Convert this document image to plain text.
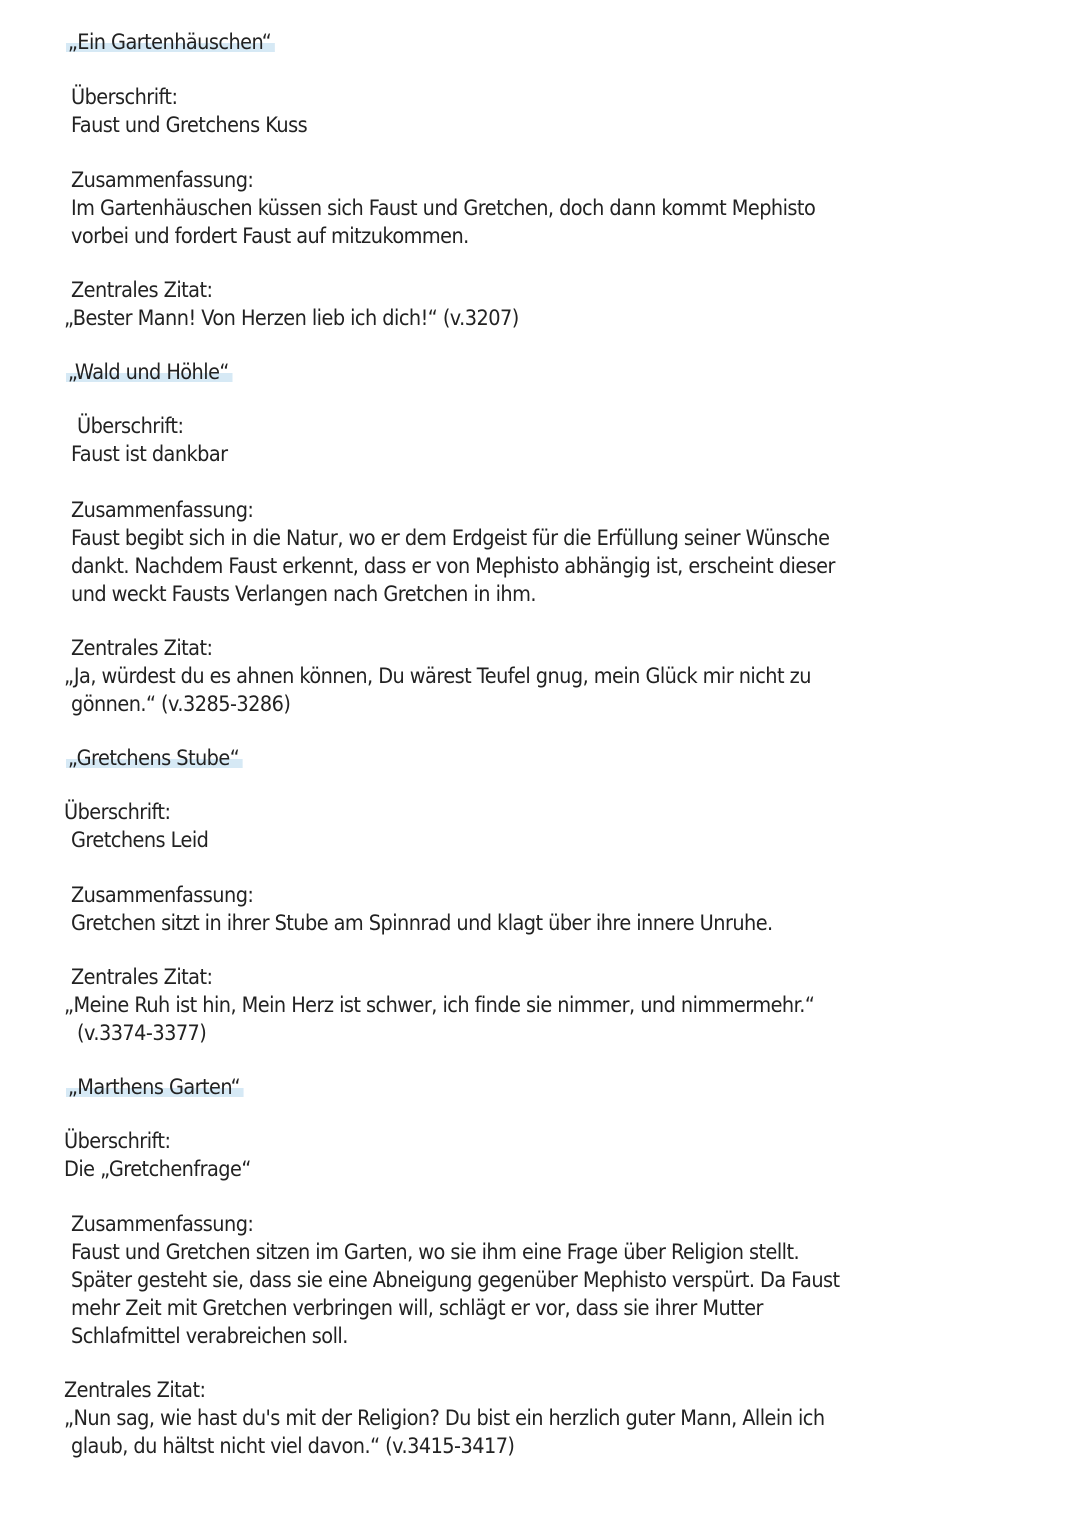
„Ein Gartenhäuschen“
Überschrift:
Faust und Gretchens Kuss
Zusammenfassung:
Im Gartenhäuschen küssen sich Faust und Gretchen, doch dann kommt Mephisto
vorbei und fordert Faust auf mitzukommen.
Zentrales Zitat:
„Bester Mann! Von Herzen lieb ich dich!“ (v.3207)
„Wald und Höhle“
Überschrift:
Faust ist dankbar
Zusammenfassung:
Faust begibt sich in die Natur, wo er dem Erdgeist für die Erfüllung seiner Wünsche
dankt. Nachdem Faust erkennt, dass er von Mephisto abhängig ist, erscheint dieser
und weckt Fausts Verlangen nach Gretchen in ihm.
Zentrales Zitat:
„Ja, würdest du es ahnen können, Du wärest Teufel gnug, mein Glück mir nicht zu
gönnen.“ (v.3285-3286)
„Gretchens Stube“
Überschrift:
Gretchens Leid
Zusammenfassung:
Gretchen sitzt in ihrer Stube am Spinnrad und klagt über ihre innere Unruhe.
Zentrales Zitat:
„Meine Ruh ist hin, Mein Herz ist schwer, ich finde sie nimmer, und nimmermehr.“
(v.3374-3377)
„Marthens Garten“
Überschrift:
Die „Gretchenfrage“
Zusammenfassung:
Faust und Gretchen sitzen im Garten, wo sie ihm eine Frage über Religion stellt.
Später gesteht sie, dass sie eine Abneigung gegenüber Mephisto verspürt. Da Faust
mehr Zeit mit Gretchen verbringen will, schlägt er vor, dass sie ihrer Mutter
Schlafmittel verabreichen soll.
Zentrales Zitat:
„Nun sag, wie hast du's mit der Religion? Du bist ein herzlich guter Mann, Allein ich
glaub, du hältst nicht viel davon.“ (v.3415-3417)
